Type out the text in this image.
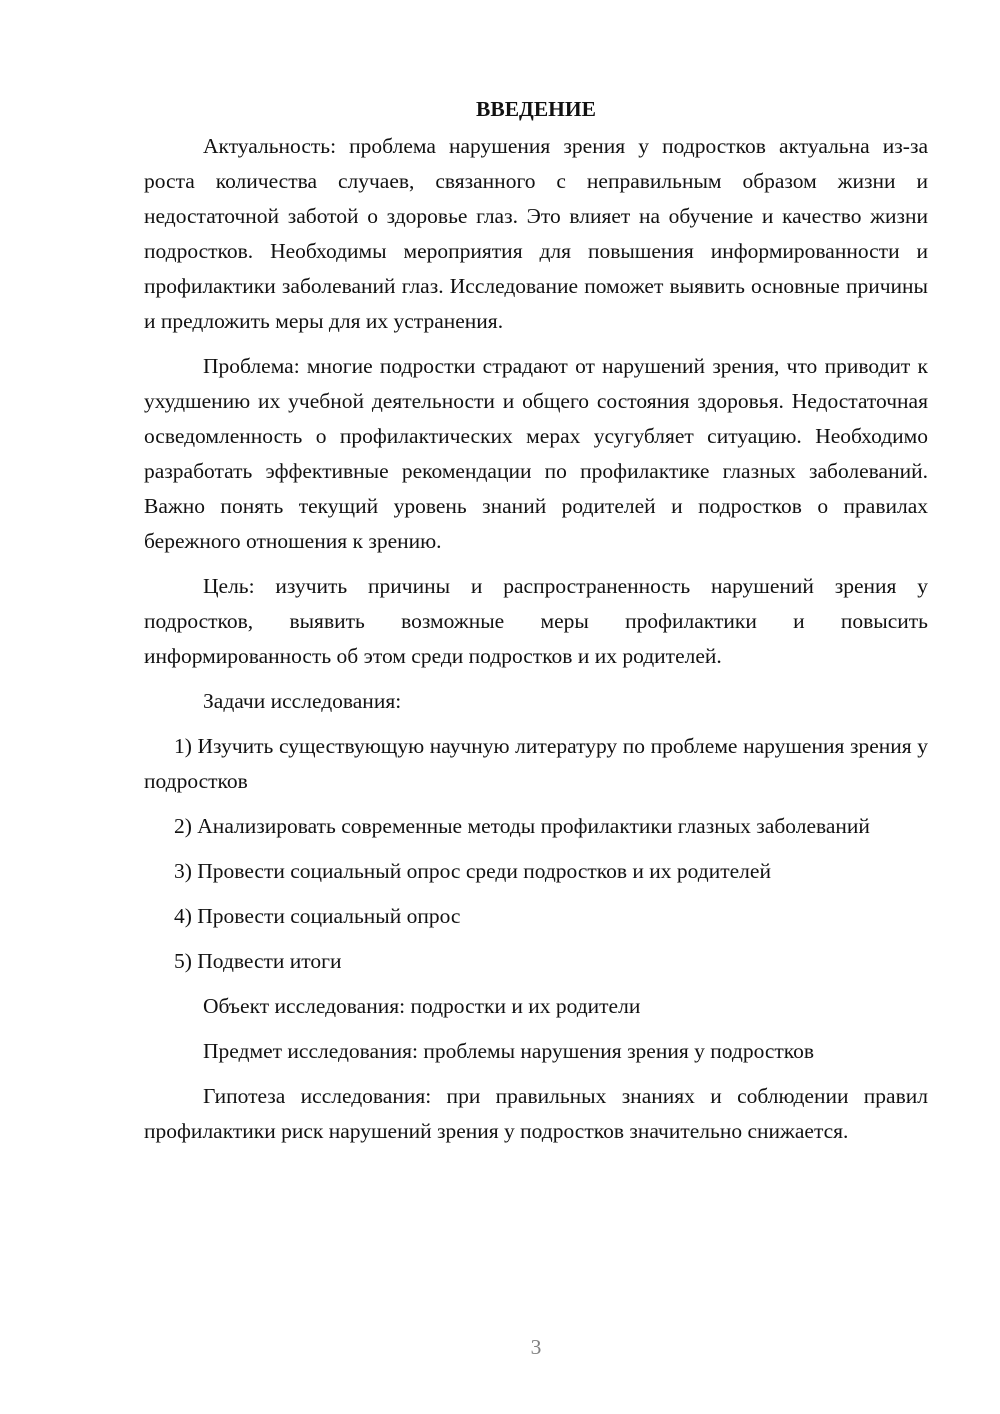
ВВЕДЕНИЕ

Актуальность: проблема нарушения зрения у подростков актуальна из-за роста количества случаев, связанного с неправильным образом жизни и недостаточной заботой о здоровье глаз. Это влияет на обучение и качество жизни подростков. Необходимы мероприятия для повышения информированности и профилактики заболеваний глаз. Исследование поможет выявить основные причины и предложить меры для их устранения.

Проблема: многие подростки страдают от нарушений зрения, что приводит к ухудшению их учебной деятельности и общего состояния здоровья. Недостаточная осведомленность о профилактических мерах усугубляет ситуацию. Необходимо разработать эффективные рекомендации по профилактике глазных заболеваний. Важно понять текущий уровень знаний родителей и подростков о правилах бережного отношения к зрению.

Цель: изучить причины и распространенность нарушений зрения у подростков, выявить возможные меры профилактики и повысить информированность об этом среди подростков и их родителей.

Задачи исследования:

1) Изучить существующую научную литературу по проблеме нарушения зрения у подростков

2) Анализировать современные методы профилактики глазных заболеваний

3) Провести социальный опрос среди подростков и их родителей

4) Провести социальный опрос

5) Подвести итоги

Объект исследования: подростки и их родители

Предмет исследования: проблемы нарушения зрения у подростков

Гипотеза исследования: при правильных знаниях и соблюдении правил профилактики риск нарушений зрения у подростков значительно снижается.

3
